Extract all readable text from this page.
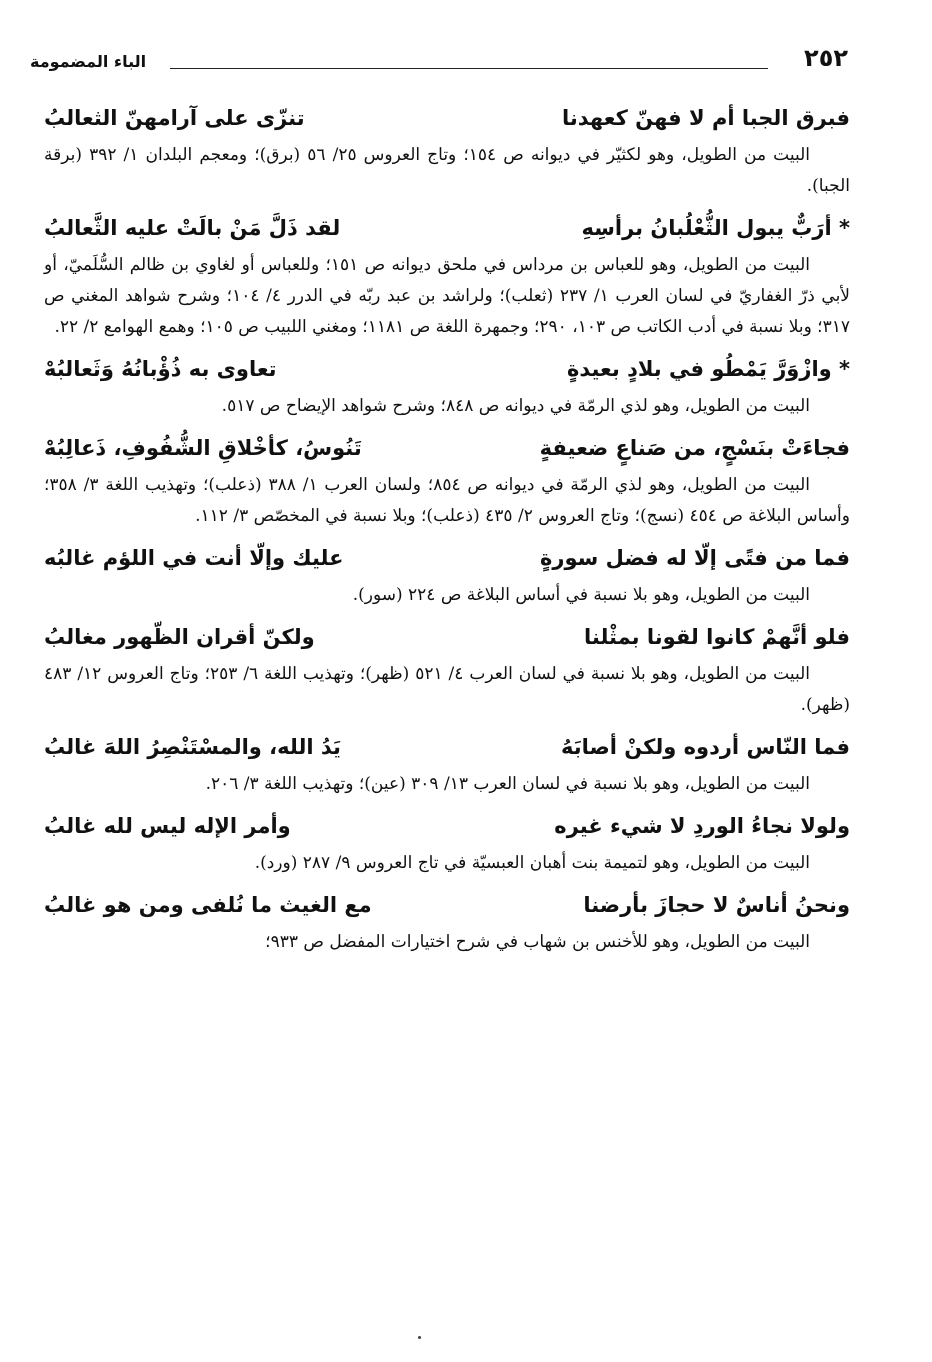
٢٥٢
الباء المضمومة
فبرق الجبا أم لا فهنّ كعهدنا
تنزّى على آرامهنّ الثعالبُ

البيت من الطويل، وهو لكثيّر في ديوانه ص ١٥٤؛ وتاج العروس ٢٥/ ٥٦ (برق)؛ ومعجم البلدان ١/ ٣٩٢ (برقة الجبا).

* أرَبٌّ يبول الثُّعْلُبانُ برأسِهِ
لقد ذَلَّ مَنْ بالَتْ عليه الثَّعالبُ

البيت من الطويل، وهو للعباس بن مرداس في ملحق ديوانه ص ١٥١؛ وللعباس أو لغاوي بن ظالم السُّلَميّ، أو لأبي ذرّ الغفاريّ في لسان العرب ١/ ٢٣٧ (ثعلب)؛ ولراشد بن عبد ربّه في الدرر ٤/ ١٠٤؛ وشرح شواهد المغني ص ٣١٧؛ وبلا نسبة في أدب الكاتب ص ١٠٣، ٢٩٠؛ وجمهرة اللغة ص ١١٨١؛ ومغني اللبيب ص ١٠٥؛ وهمع الهوامع ٢/ ٢٢.

* وازْوَرَّ يَمْطُو في بلادٍ بعيدةٍ
تعاوى به ذُؤْبانُهُ وَثَعالبُهْ

البيت من الطويل، وهو لذي الرمّة في ديوانه ص ٨٤٨؛ وشرح شواهد الإيضاح ص ٥١٧.

فجاءَتْ بنَسْجٍ، من صَناعٍ ضعيفةٍ
تَنُوسُ، كأخْلاقِ الشُّفُوفِ، ذَعالِبُهْ

البيت من الطويل، وهو لذي الرمّة في ديوانه ص ٨٥٤؛ ولسان العرب ١/ ٣٨٨ (ذعلب)؛ وتهذيب اللغة ٣/ ٣٥٨؛ وأساس البلاغة ص ٤٥٤ (نسج)؛ وتاج العروس ٢/ ٤٣٥ (ذعلب)؛ وبلا نسبة في المخصّص ٣/ ١١٢.

فما من فتًى إلّا له فضل سورةٍ
عليك وإلّا أنت في اللؤم غالبُه

البيت من الطويل، وهو بلا نسبة في أساس البلاغة ص ٢٢٤ (سور).

فلو أنَّهمْ كانوا لقونا بمثْلنا
ولكنّ أقران الظّهور مغالبُ

البيت من الطويل، وهو بلا نسبة في لسان العرب ٤/ ٥٢١ (ظهر)؛ وتهذيب اللغة ٦/ ٢٥٣؛ وتاج العروس ١٢/ ٤٨٣ (ظهر).

فما النّاس أردوه ولكنْ أصابَهُ
يَدُ الله، والمسْتَنْصِرُ اللهَ غالبُ

البيت من الطويل، وهو بلا نسبة في لسان العرب ١٣/ ٣٠٩ (عين)؛ وتهذيب اللغة ٣/ ٢٠٦.

ولولا نجاءُ الوردِ لا شيء غيره
وأمر الإله ليس لله غالبُ

البيت من الطويل، وهو لتميمة بنت أهبان العبسيّة في تاج العروس ٩/ ٢٨٧ (ورد).

ونحنُ أناسٌ لا حجازَ بأرضنا
مع الغيث ما نُلفى ومن هو غالبُ

البيت من الطويل، وهو للأخنس بن شهاب في شرح اختيارات المفضل ص ٩٣٣؛
